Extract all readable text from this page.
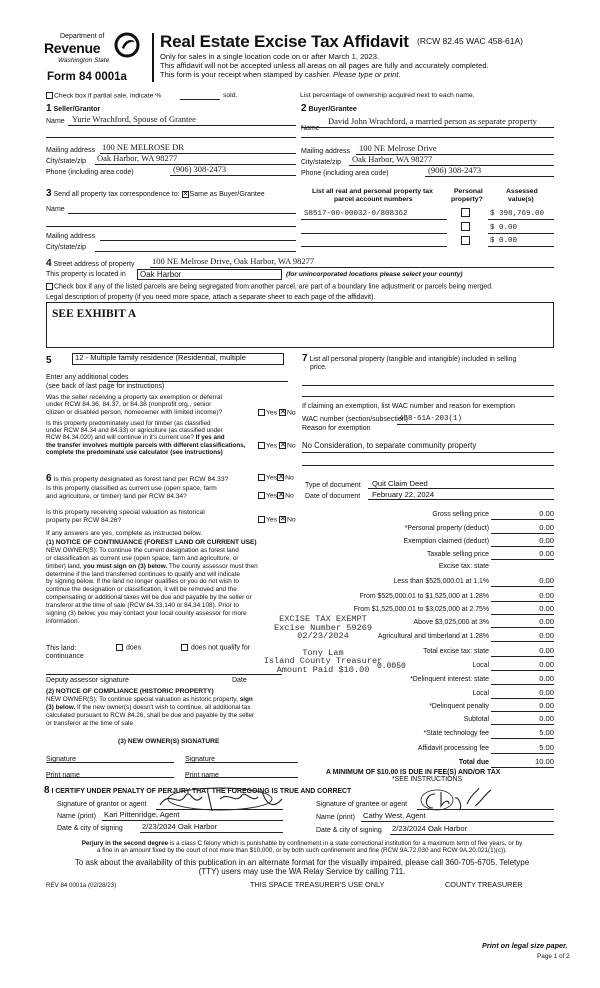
Department of
Revenue
Washington State
Form 84 0001a
Real Estate Excise Tax Affidavit (RCW 82.45 WAC 458-61A)
Only for sales in a single location code on or after March 1, 2023.
This affidavit will not be accepted unless all areas on all pages are fully and accurately completed.
This form is your receipt when stamped by cashier. Please type or print.
Check box if partial sale, indicate %	sold.	List percentage of ownership acquired next to each name.
1 Seller/Grantor
Name Yurie Wrachford, Spouse of Grantee
Mailing address 100 NE MELROSE DR
City/state/zip Oak Harbor, WA 98277
Phone (including area code)	(906) 308-2473
2 Buyer/Grantee
David John Wrachford, a married person as separate property
Name
Mailing address 100 NE Melrose Drive
City/state/zip Oak Harbor, WA 98277
Phone (including area code)	(906) 308-2473
3 Send all property tax correspondence to: ✕ Same as Buyer/Grantee
Name
Mailing address
City/state/zip
List all real and personal property tax
parcel account numbers
Personal
property?
Assessed
value(s)
S8517-00-00032-0/808362	$ 398,769.00
$ 0.00
$ 0.00
4 Street address of property 100 NE Melrose Drive, Oak Harbor, WA 98277
This property is located in	Oak Harbor	(for unincorporated locations please select your county)
Check box if any of the listed parcels are being segregated from another parcel, are part of a boundary line adjustment or parcels being merged.
Legal description of property (if you need more space, attach a separate sheet to each page of the affidavit).
SEE EXHIBIT A
5	12 - Multiple family residence (Residential, multiple
Enter any additional codes
(see back of last page for instructions)
Was the seller receiving a property tax exemption or deferral
under RCW 84.36, 84.37, or 84.38 (nonprofit org., senior
citizen or disabled person, homeowner with limited income)?	Yes ✕ No
Is this property predominately used for timber (as classified
under RCW 84.34 and 84.33) or agriculture (as classified under
RCW 84.34.020) and will continue in it's current use? If yes and
the transfer involves multiple parcels with different classifications,
complete the predominate use calculator (see instructions)
Yes ✕ No
7 List all personal property (tangible and intangible) included in selling
price.
If claiming an exemption, list WAC number and reason for exemption
WAC number (section/subsection)
458-61A-203(1)
Reason for exemption
No Consideration, to separate community property
6 Is this property designated as forest land per RCW 84.33?	Yes ✕ No
Is this property classified as current use (open space, farm
and agriculture, or timber) land per RCW 84.34?	Yes ✕ No
Type of document Quit Claim Deed
Date of document February 22, 2024
Is this property receiving special valuation as historical
property per RCW 84.26?	Yes ✕ No
If any answers are yes, complete as instructed below.
(1) NOTICE OF CONTINUANCE (FOREST LAND OR CURRENT USE)
NEW OWNER(S): To continue the current designation as forest land
or classification as current use (open space, farm and agriculture, or
timber) land, you must sign on (3) below. The county assessor must then
determine if the land transferred continues to qualify and will indicate
by signing below. If the land no longer qualifies or you do not wish to
continue the designation or classification, it will be removed and the
compensating or additional taxes will be due and payable by the seller or
transferor at the time of sale (RCW 84.33.140 or 84.34.108). Prior to
signing (3) below, you may contact your local county assessor for more
information.
This land:
continuance
does	does not qualify for
Deputy assessor signature	Date
(2) NOTICE OF COMPLIANCE (HISTORIC PROPERTY)
NEW OWNER(S): To continue special valuation as historic property, sign
(3) below. If the new owner(s) doesn't wish to continue, all additional tax
calculated pursuant to RCW 84.26, shall be due and payable by the seller
or transferor at the time of sale
(3) NEW OWNER(S) SIGNATURE
Signature	Signature
Print name	Print name
Gross selling price	0.00
*Personal property (deduct)	0.00
Exemption claimed (deduct)	0.00
Taxable selling price	0.00
Excise tax: state
Less than $525,000.01 at 1.1%	0.00
From $525,000.01 to $1,525,000 at 1.28%	0.00
From $1,525,000.01 to $3,025,000 at 2.75%	0.00
Above $3,025,000 at 3%	0.00
Agricultural and timberland at 1.28%	0.00
Total excise tax: state	0.00
Local	0.00
*Delinquent interest: state	0.00
Local	0.00
*Delinquent penalty	0.00
Subtotal	0.00
*State technology fee	5.00
Affidavit processing fee	5.00
Total due	10.00
0.0050
EXCISE TAX EXEMPT
Excise Number 59269
02/23/2024
Tony Lam
Island County Treasurer
Amount Paid $10.00
A MINIMUM OF $10.00 IS DUE IN FEE(S) AND/OR TAX
*SEE INSTRUCTIONS
8 I CERTIFY UNDER PENALTY OF PERJURY THAT THE FOREGOING IS TRUE AND CORRECT
Signature of grantor or agent
Name (print) Kari Pittenridge, Agent
Date & city of signing	2/23/2024 Oak Harbor
Signature of grantee or agent
Name (print) Cathy West, Agent
Date & city of signing 2/23/2024 Oak Harbor
Perjury in the second degree is a class C felony which is punishable by confinement in a state correctional institution for a maximum term of five years, or by
a fine in an amount fixed by the court of not more than $10,000, or by both such confinement and fine (RCW 9A.72.030 and RCW 9A.20.021(1)(c)).
To ask about the availability of this publication in an alternate format for the visually impaired, please call 360-705-6705. Teletype
(TTY) users may use the WA Relay Service by calling 711.
REV 84 0001a (02/28/23)	THIS SPACE TREASURER'S USE ONLY	COUNTY TREASURER
Print on legal size paper.
Page 1 of 2
